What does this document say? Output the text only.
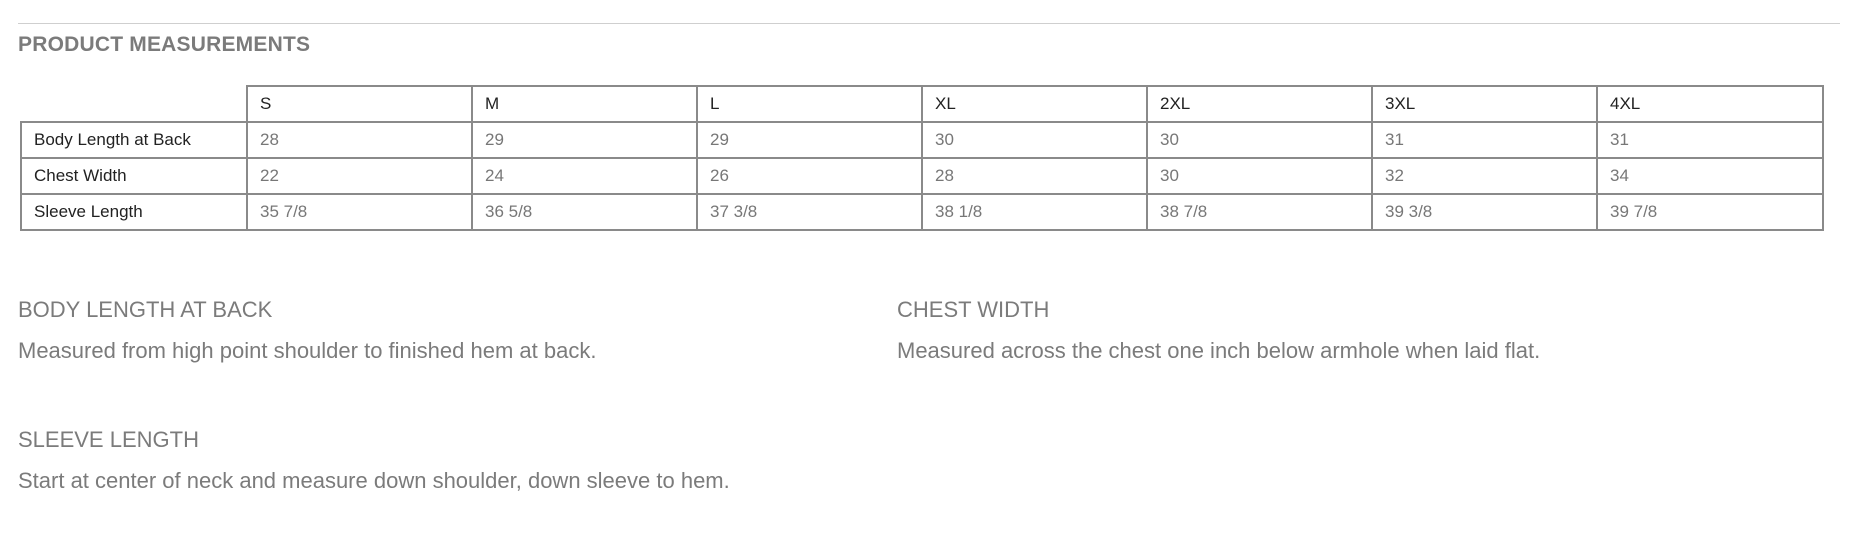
PRODUCT MEASUREMENTS
	S	M	L	XL	2XL	3XL	4XL
Body Length at Back	28	29	29	30	30	31	31
Chest Width	22	24	26	28	30	32	34
Sleeve Length	35 7/8	36 5/8	37 3/8	38 1/8	38 7/8	39 3/8	39 7/8
BODY LENGTH AT BACK
Measured from high point shoulder to finished hem at back.
CHEST WIDTH
Measured across the chest one inch below armhole when laid flat.
SLEEVE LENGTH
Start at center of neck and measure down shoulder, down sleeve to hem.
